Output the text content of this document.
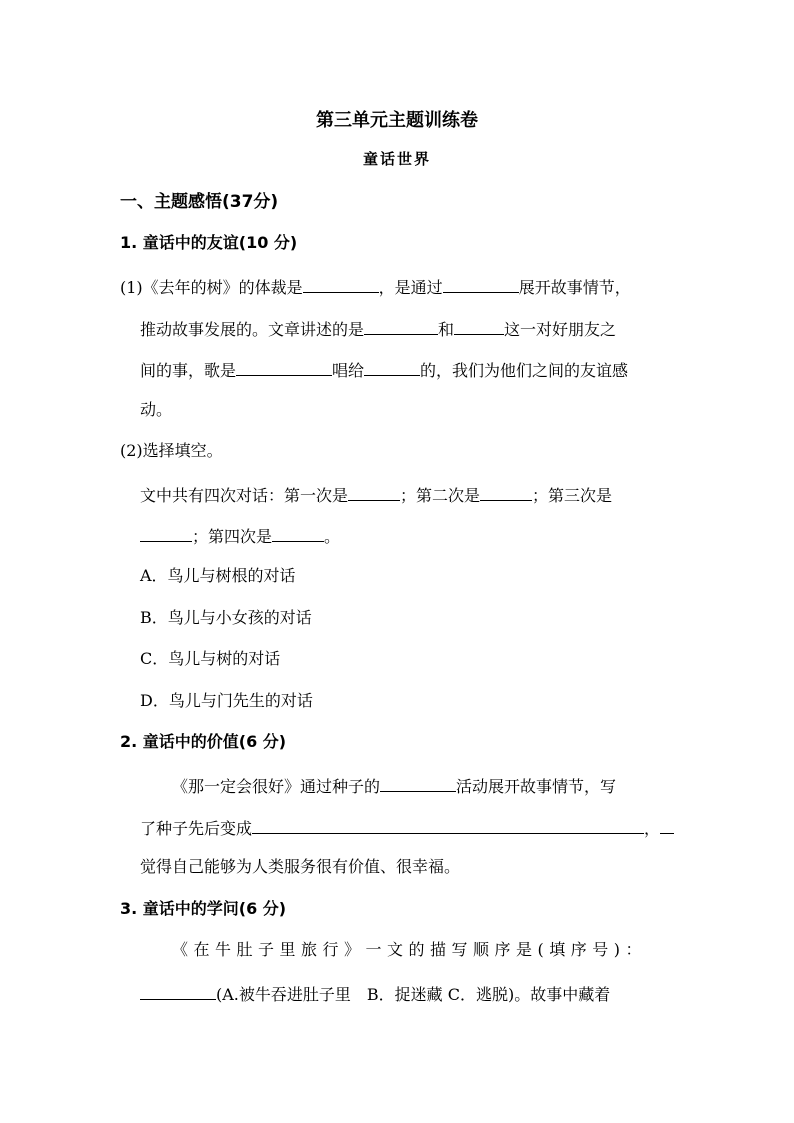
第三单元主题训练卷
童话世界
一、主题感悟(37分)
1. 童话中的友谊(10 分)
(1)《去年的树》的体裁是	，是通过	展开故事情节，
推动故事发展的。文章讲述的是	和	这一对好朋友之
间的事，歌是	唱给	的，我们为他们之间的友谊感
动。
(2)选择填空。
文中共有四次对话：第一次是	；第二次是	；第三次是
；第四次是	。
A．鸟儿与树根的对话
B．鸟儿与小女孩的对话
C．鸟儿与树的对话
D．鸟儿与门先生的对话
2. 童话中的价值(6 分)
《那一定会很好》通过种子的	活动展开故事情节，写
了种子先后变成	，
觉得自己能够为人类服务很有价值、很幸福。
3. 童话中的学问(6 分)
《在牛肚子里旅行》一文的描写顺序是(填序号)：
(A.被牛吞进肚子里　B．捉迷藏 C．逃脱)。故事中藏着
